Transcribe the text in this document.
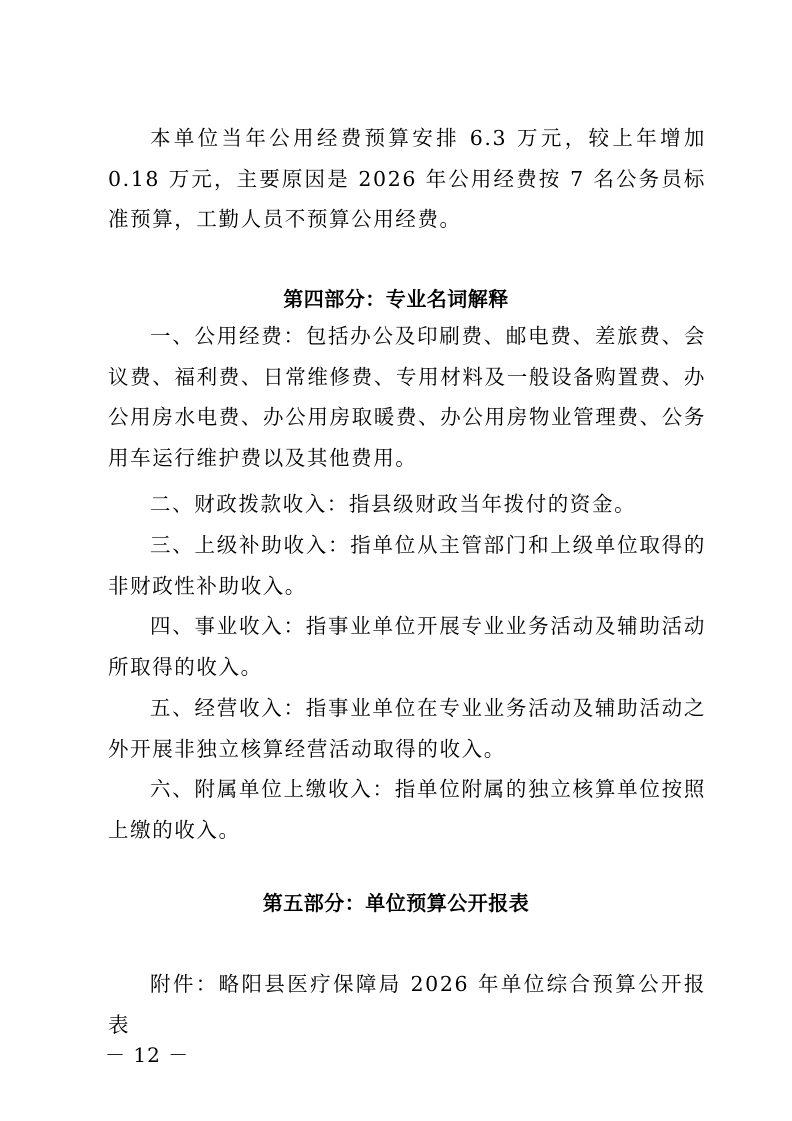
本单位当年公用经费预算安排 6.3 万元，较上年增加 0.18 万元，主要原因是 2026 年公用经费按 7 名公务员标准预算，工勤人员不预算公用经费。

第四部分：专业名词解释

一、公用经费：包括办公及印刷费、邮电费、差旅费、会议费、福利费、日常维修费、专用材料及一般设备购置费、办公用房水电费、办公用房取暖费、办公用房物业管理费、公务用车运行维护费以及其他费用。

二、财政拨款收入：指县级财政当年拨付的资金。

三、上级补助收入：指单位从主管部门和上级单位取得的非财政性补助收入。

四、事业收入：指事业单位开展专业业务活动及辅助活动所取得的收入。

五、经营收入：指事业单位在专业业务活动及辅助活动之外开展非独立核算经营活动取得的收入。

六、附属单位上缴收入：指单位附属的独立核算单位按照上缴的收入。

第五部分：单位预算公开报表

附件：略阳县医疗保障局 2026 年单位综合预算公开报表

－ 12 －
